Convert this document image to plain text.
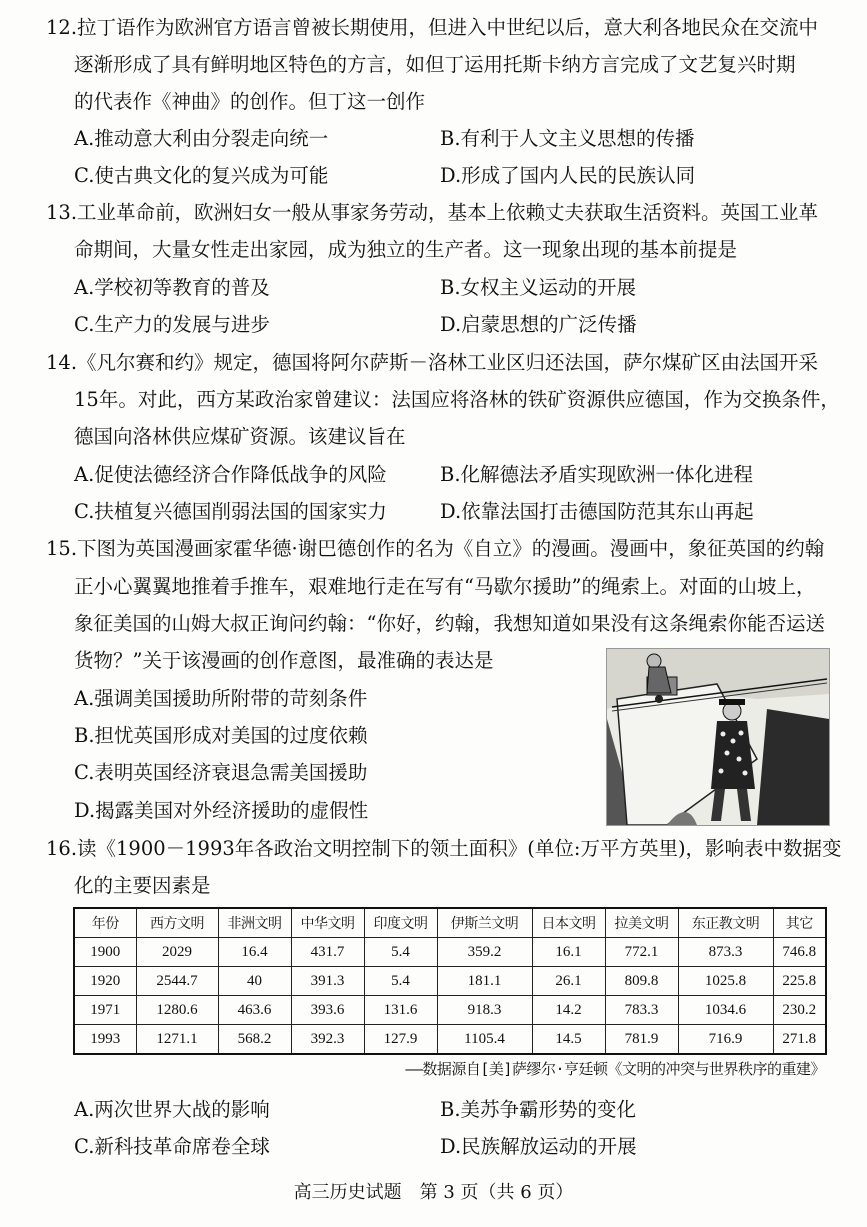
12.拉丁语作为欧洲官方语言曾被长期使用，但进入中世纪以后，意大利各地民众在交流中
逐渐形成了具有鲜明地区特色的方言，如但丁运用托斯卡纳方言完成了文艺复兴时期
的代表作《神曲》的创作。但丁这一创作
A.推动意大利由分裂走向统一	B.有利于人文主义思想的传播
C.使古典文化的复兴成为可能	D.形成了国内人民的民族认同
13.工业革命前，欧洲妇女一般从事家务劳动，基本上依赖丈夫获取生活资料。英国工业革
命期间，大量女性走出家园，成为独立的生产者。这一现象出现的基本前提是
A.学校初等教育的普及	B.女权主义运动的开展
C.生产力的发展与进步	D.启蒙思想的广泛传播
14.《凡尔赛和约》规定，德国将阿尔萨斯－洛林工业区归还法国，萨尔煤矿区由法国开采
15年。对此，西方某政治家曾建议：法国应将洛林的铁矿资源供应德国，作为交换条件，
德国向洛林供应煤矿资源。该建议旨在
A.促使法德经济合作降低战争的风险	B.化解德法矛盾实现欧洲一体化进程
C.扶植复兴德国削弱法国的国家实力	D.依靠法国打击德国防范其东山再起
15.下图为英国漫画家霍华德·谢巴德创作的名为《自立》的漫画。漫画中，象征英国的约翰
正小心翼翼地推着手推车，艰难地行走在写有“马歇尔援助”的绳索上。对面的山坡上，
象征美国的山姆大叔正询问约翰：“你好，约翰，我想知道如果没有这条绳索你能否运送
货物？”关于该漫画的创作意图，最准确的表达是
A.强调美国援助所附带的苛刻条件
B.担忧英国形成对美国的过度依赖
C.表明英国经济衰退急需美国援助
D.揭露美国对外经济援助的虚假性
16.读《1900－1993年各政治文明控制下的领土面积》(单位:万平方英里)，影响表中数据变
化的主要因素是
年份	西方文明	非洲文明	中华文明	印度文明	伊斯兰文明	日本文明	拉美文明	东正教文明	其它
1900	2029	16.4	431.7	5.4	359.2	16.1	772.1	873.3	746.8
1920	2544.7	40	391.3	5.4	181.1	26.1	809.8	1025.8	225.8
1971	1280.6	463.6	393.6	131.6	918.3	14.2	783.3	1034.6	230.2
1993	1271.1	568.2	392.3	127.9	1105.4	14.5	781.9	716.9	271.8
——数据源自[美]萨缪尔·亨廷顿《文明的冲突与世界秩序的重建》
A.两次世界大战的影响	B.美苏争霸形势的变化
C.新科技革命席卷全球	D.民族解放运动的开展
高三历史试题　第 3 页（共 6 页）
